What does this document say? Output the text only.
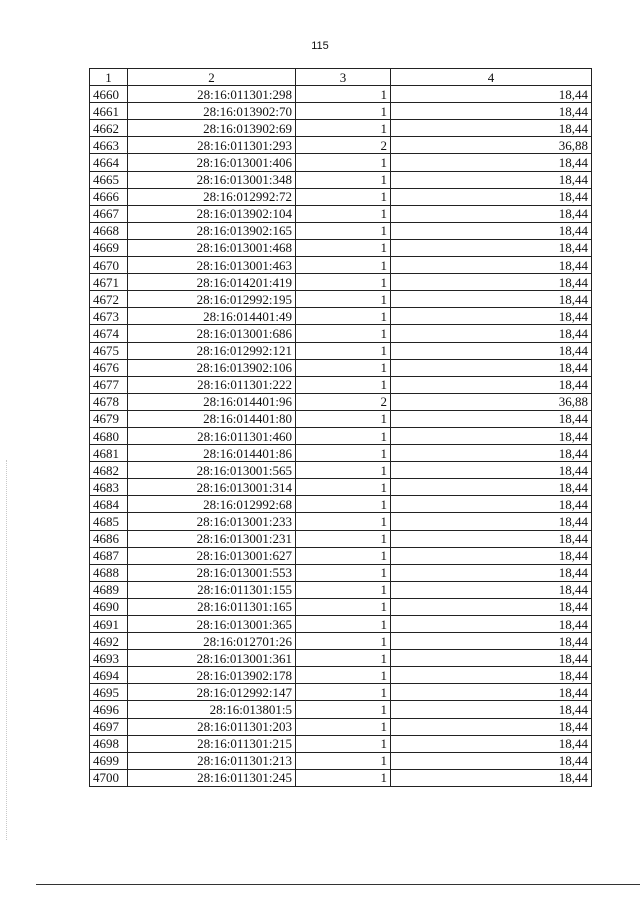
115
1	2	3	4
4660	28:16:011301:298	1	18,44
4661	28:16:013902:70	1	18,44
4662	28:16:013902:69	1	18,44
4663	28:16:011301:293	2	36,88
4664	28:16:013001:406	1	18,44
4665	28:16:013001:348	1	18,44
4666	28:16:012992:72	1	18,44
4667	28:16:013902:104	1	18,44
4668	28:16:013902:165	1	18,44
4669	28:16:013001:468	1	18,44
4670	28:16:013001:463	1	18,44
4671	28:16:014201:419	1	18,44
4672	28:16:012992:195	1	18,44
4673	28:16:014401:49	1	18,44
4674	28:16:013001:686	1	18,44
4675	28:16:012992:121	1	18,44
4676	28:16:013902:106	1	18,44
4677	28:16:011301:222	1	18,44
4678	28:16:014401:96	2	36,88
4679	28:16:014401:80	1	18,44
4680	28:16:011301:460	1	18,44
4681	28:16:014401:86	1	18,44
4682	28:16:013001:565	1	18,44
4683	28:16:013001:314	1	18,44
4684	28:16:012992:68	1	18,44
4685	28:16:013001:233	1	18,44
4686	28:16:013001:231	1	18,44
4687	28:16:013001:627	1	18,44
4688	28:16:013001:553	1	18,44
4689	28:16:011301:155	1	18,44
4690	28:16:011301:165	1	18,44
4691	28:16:013001:365	1	18,44
4692	28:16:012701:26	1	18,44
4693	28:16:013001:361	1	18,44
4694	28:16:013902:178	1	18,44
4695	28:16:012992:147	1	18,44
4696	28:16:013801:5	1	18,44
4697	28:16:011301:203	1	18,44
4698	28:16:011301:215	1	18,44
4699	28:16:011301:213	1	18,44
4700	28:16:011301:245	1	18,44
